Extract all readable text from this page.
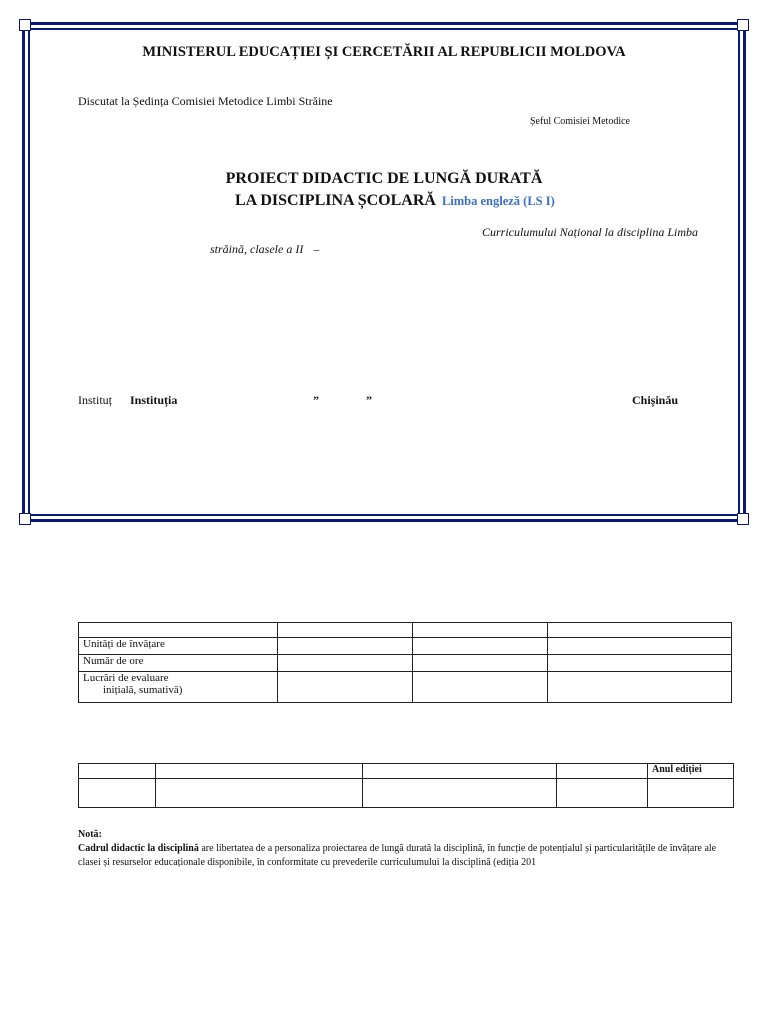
MINISTERUL EDUCAȚIEI ȘI CERCETĂRII AL REPUBLICII MOLDOVA
Discutat la Ședința Comisiei Metodice Limbi Străine
Șeful Comisiei Metodice
PROIECT DIDACTIC DE LUNGĂ DURATĂ
LA DISCIPLINA ȘCOLARĂ Limba engleză (LS I)
Curriculumului Național la disciplina Limba
străină, clasele a II –
Instituț Instituția	”	”	Chișinău

Unități de învățare			
Număr de ore			

Lucrări de evaluare
inițială, sumativă)			

				Anul ediției

Notă:
Cadrul didactic la disciplină are libertatea de a personaliza proiectarea de lungă durată la disciplină, în funcție de potențialul și particularitățile de învățare ale clasei și resurselor educaționale disponibile, în conformitate cu prevederile curriculumului la disciplină (ediția 201
